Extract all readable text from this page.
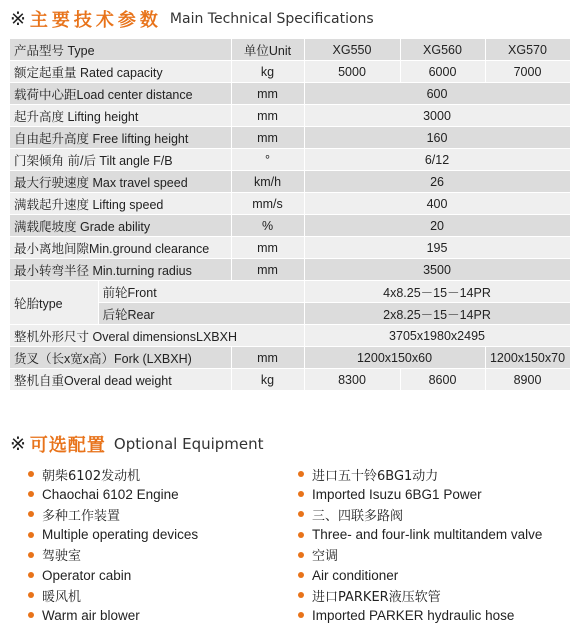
※ 主要技术参数 Main Technical Specifications
产品型号 Type		单位Unit	XG550	XG560	XG570
额定起重量 Rated capacity		kg	5000	6000	7000
载荷中心距Load center distance		mm	600		
起升高度 Lifting height		mm	3000		
自由起升高度 Free lifting height		mm	160		
门架倾角 前/后 Tilt angle F/B		°	6/12		
最大行驶速度 Max travel speed		km/h	26		
满载起升速度 Lifting speed		mm/s	400		
满载爬坡度 Grade ability		%	20		
最小离地间隙Min.ground clearance		mm	195		
最小转弯半径 Min.turning radius		mm	3500		
轮胎type	前轮Front		4x8.25－15－14PR		
	后轮Rear		2x8.25－15－14PR		
整机外形尺寸 Overal dimensionsLXBXH			3705x1980x2495		
货叉（长x宽x高）Fork (LXBXH)		mm	1200x150x60		1200x150x70
整机自重Overal dead weight		kg	8300	8600	8900
※ 可选配置 Optional Equipment
朝柴6102发动机
Chaochai 6102 Engine
多种工作装置
Multiple operating devices
驾驶室
Operator cabin
暖风机
Warm air blower
进口五十铃6BG1动力
Imported Isuzu 6BG1 Power
三、四联多路阀
Three- and four-link multitandem valve
空调
Air conditioner
进口PARKER液压软管
Imported PARKER hydraulic hose
